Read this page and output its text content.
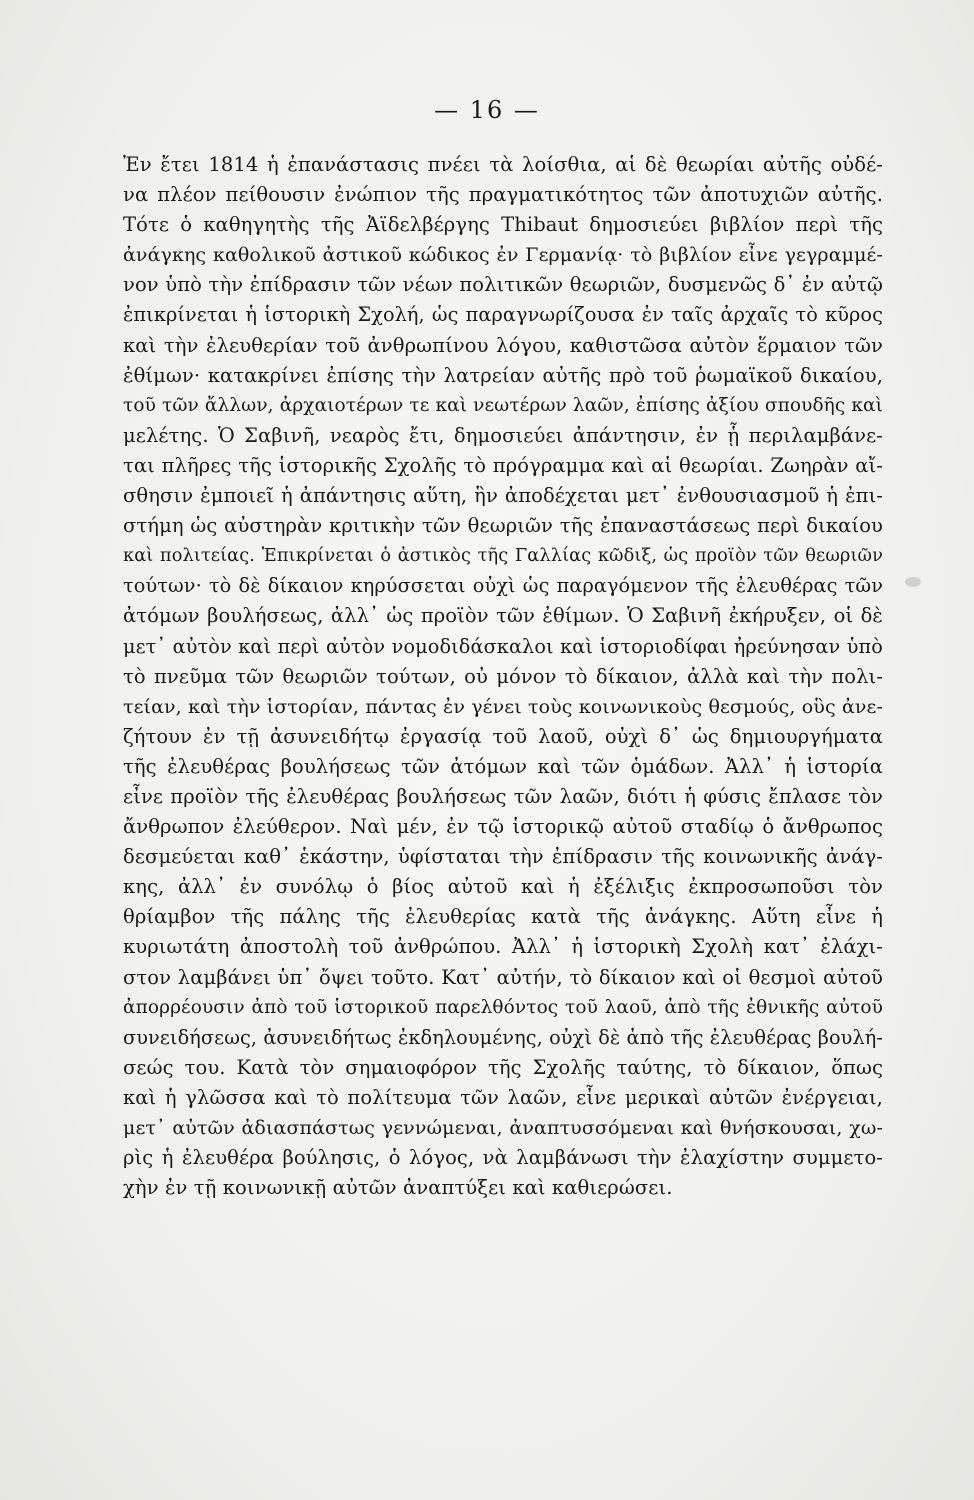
— 16 —
Ἐν ἔτει 1814 ἡ ἐπανάστασις πνέει τὰ λοίσθια, αἱ δὲ θεωρίαι αὐτῆς οὐδέ-
να πλέον πείθουσιν ἐνώπιον τῆς πραγματικότητος τῶν ἀποτυχιῶν αὐτῆς.
Τότε ὁ καθηγητὴς τῆς Ἀϊδελβέργης Thibaut δημοσιεύει βιβλίον περὶ τῆς
ἀνάγκης καθολικοῦ ἀστικοῦ κώδικος ἐν Γερμανίᾳ· τὸ βιβλίον εἶνε γεγραμμέ-
νον ὑπὸ τὴν ἐπίδρασιν τῶν νέων πολιτικῶν θεωριῶν, δυσμενῶς δ᾿ ἐν αὐτῷ
ἐπικρίνεται ἡ ἱστορικὴ Σχολή, ὡς παραγνωρίζουσα ἐν ταῖς ἀρχαῖς τὸ κῦρος
καὶ τὴν ἐλευθερίαν τοῦ ἀνθρωπίνου λόγου, καθιστῶσα αὐτὸν ἕρμαιον τῶν
ἐθίμων· κατακρίνει ἐπίσης τὴν λατρείαν αὐτῆς πρὸ τοῦ ῥωμαϊκοῦ δικαίου,
τοῦ τῶν ἄλλων, ἀρχαιοτέρων τε καὶ νεωτέρων λαῶν, ἐπίσης ἀξίου σπουδῆς καὶ
μελέτης. Ὁ Σαβινῆ, νεαρὸς ἔτι, δημοσιεύει ἀπάντησιν, ἐν ᾗ περιλαμβάνε-
ται πλῆρες τῆς ἱστορικῆς Σχολῆς τὸ πρόγραμμα καὶ αἱ θεωρίαι. Ζωηρὰν αἴ-
σθησιν ἐμποιεῖ ἡ ἀπάντησις αὕτη, ἣν ἀποδέχεται μετ᾿ ἐνθουσιασμοῦ ἡ ἐπι-
στήμη ὡς αὐστηρὰν κριτικὴν τῶν θεωριῶν τῆς ἐπαναστάσεως περὶ δικαίου
καὶ πολιτείας. Ἐπικρίνεται ὁ ἀστικὸς τῆς Γαλλίας κῶδιξ, ὡς προϊὸν τῶν θεωριῶν
τούτων· τὸ δὲ δίκαιον κηρύσσεται οὐχὶ ὡς παραγόμενον τῆς ἐλευθέρας τῶν
ἀτόμων βουλήσεως, ἀλλ᾿ ὡς προϊὸν τῶν ἐθίμων. Ὁ Σαβινῆ ἐκήρυξεν, οἱ δὲ
μετ᾿ αὐτὸν καὶ περὶ αὐτὸν νομοδιδάσκαλοι καὶ ἱστοριοδίφαι ἠρεύνησαν ὑπὸ
τὸ πνεῦμα τῶν θεωριῶν τούτων, οὐ μόνον τὸ δίκαιον, ἀλλὰ καὶ τὴν πολι-
τείαν, καὶ τὴν ἱστορίαν, πάντας ἐν γένει τοὺς κοινωνικοὺς θεσμούς, οὓς ἀνε-
ζήτουν ἐν τῇ ἀσυνειδήτῳ ἐργασίᾳ τοῦ λαοῦ, οὐχὶ δ᾿ ὡς δημιουργήματα
τῆς ἐλευθέρας βουλήσεως τῶν ἀτόμων καὶ τῶν ὁμάδων. Ἀλλ᾿ ἡ ἱστορία
εἶνε προϊὸν τῆς ἐλευθέρας βουλήσεως τῶν λαῶν, διότι ἡ φύσις ἔπλασε τὸν
ἄνθρωπον ἐλεύθερον. Ναὶ μέν, ἐν τῷ ἱστορικῷ αὐτοῦ σταδίῳ ὁ ἄνθρωπος
δεσμεύεται καθ᾿ ἑκάστην, ὑφίσταται τὴν ἐπίδρασιν τῆς κοινωνικῆς ἀνάγ-
κης, ἀλλ᾿ ἐν συνόλῳ ὁ βίος αὐτοῦ καὶ ἡ ἐξέλιξις ἐκπροσωποῦσι τὸν
θρίαμβον τῆς πάλης τῆς ἐλευθερίας κατὰ τῆς ἀνάγκης. Αὕτη εἶνε ἡ
κυριωτάτη ἀποστολὴ τοῦ ἀνθρώπου. Ἀλλ᾿ ἡ ἱστορικὴ Σχολὴ κατ᾿ ἐλάχι-
στον λαμβάνει ὑπ᾿ ὄψει τοῦτο. Κατ᾿ αὐτήν, τὸ δίκαιον καὶ οἱ θεσμοὶ αὐτοῦ
ἀπορρέουσιν ἀπὸ τοῦ ἱστορικοῦ παρελθόντος τοῦ λαοῦ, ἀπὸ τῆς ἐθνικῆς αὐτοῦ
συνειδήσεως, ἀσυνειδήτως ἐκδηλουμένης, οὐχὶ δὲ ἀπὸ τῆς ἐλευθέρας βουλή-
σεώς του. Κατὰ τὸν σημαιοφόρον τῆς Σχολῆς ταύτης, τὸ δίκαιον, ὅπως
καὶ ἡ γλῶσσα καὶ τὸ πολίτευμα τῶν λαῶν, εἶνε μερικαὶ αὐτῶν ἐνέργειαι,
μετ᾿ αὐτῶν ἀδιασπάστως γεννώμεναι, ἀναπτυσσόμεναι καὶ θνήσκουσαι, χω-
ρὶς ἡ ἐλευθέρα βούλησις, ὁ λόγος, νὰ λαμβάνωσι τὴν ἐλαχίστην συμμετο-
χὴν ἐν τῇ κοινωνικῇ αὐτῶν ἀναπτύξει καὶ καθιερώσει.
